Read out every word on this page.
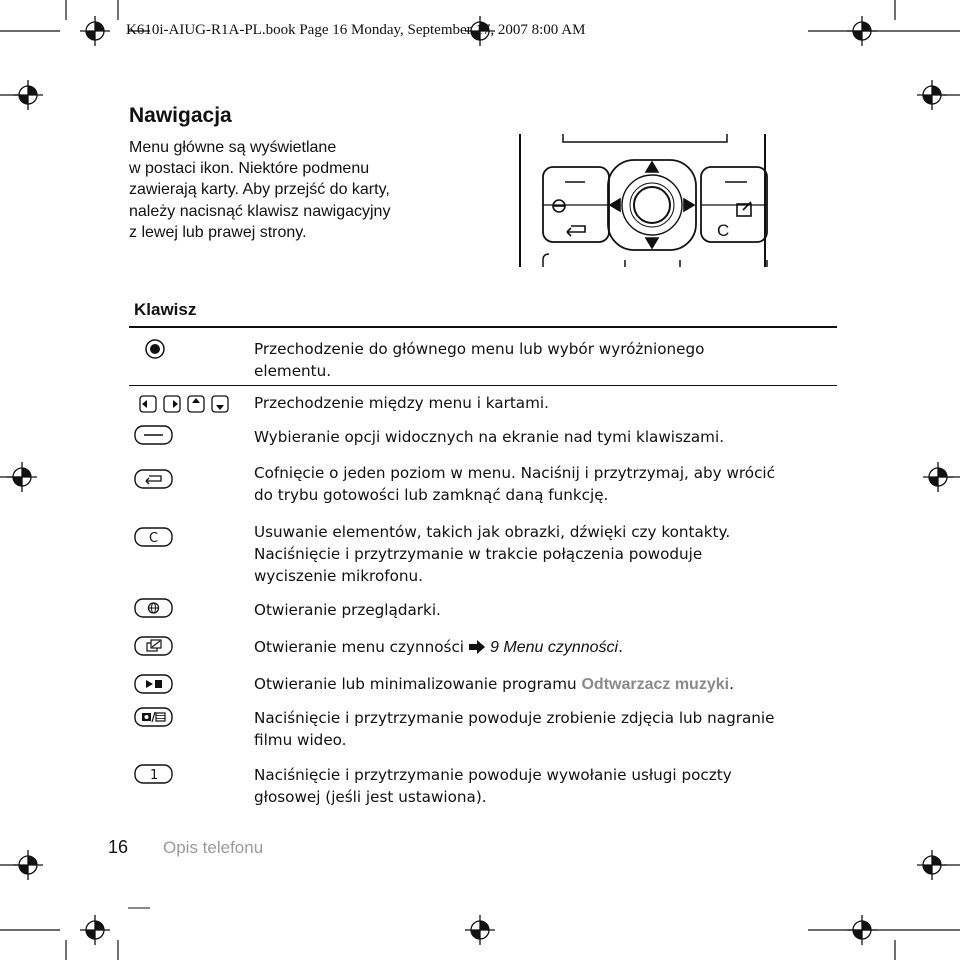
K610i-AIUG-R1A-PL.book Page 16 Monday, September 17, 2007 8:00 AM
Nawigacja
Menu główne są wyświetlane
w postaci ikon. Niektóre podmenu
zawierają karty. Aby przejść do karty,
należy nacisnąć klawisz nawigacyjny
z lewej lub prawej strony.	C
Klawisz
Przechodzenie do głównego menu lub wybór wyróżnionego
elementu.
Przechodzenie między menu i kartami.
Wybieranie opcji widocznych na ekranie nad tymi klawiszami.
Cofnięcie o jeden poziom w menu. Naciśnij i przytrzymaj, aby wrócić
do trybu gotowości lub zamknąć daną funkcję.
C	Usuwanie elementów, takich jak obrazki, dźwięki czy kontakty.
Naciśnięcie i przytrzymanie w trakcie połączenia powoduje
wyciszenie mikrofonu.
Otwieranie przeglądarki.
Otwieranie menu czynności 9 Menu czynności.
Otwieranie lub minimalizowanie programu Odtwarzacz muzyki.
Naciśnięcie i przytrzymanie powoduje zrobienie zdjęcia lub nagranie
filmu wideo.
1	Naciśnięcie i przytrzymanie powoduje wywołanie usługi poczty
głosowej (jeśli jest ustawiona).
16 Opis telefonu
